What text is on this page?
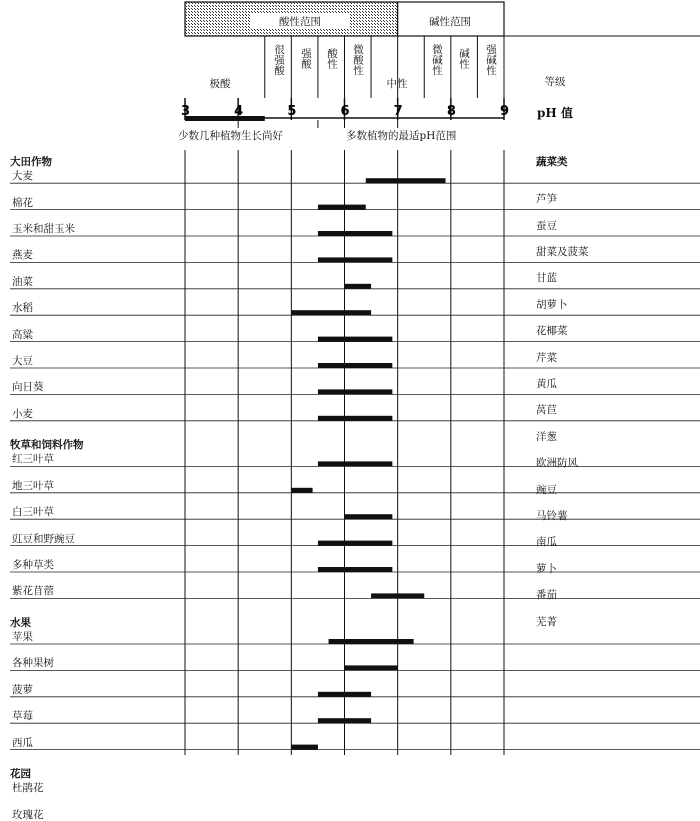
3	4	5	6	7	8	9
酸性范围	碱性范围
极酸
很强酸 强酸 酸性 微酸性
中性
微碱性 碱性 强碱性
等级
pH 值
少数几种植物生长尚好	多数植物的最适pH范围
大田作物
大麦
棉花
玉米和甜玉米
燕麦
油菜
水稻
高粱
大豆
向日葵
小麦
牧草和饲料作物
红三叶草
地三叶草
白三叶草
豇豆和野豌豆
多种草类
紫花苜蓿
水果
苹果
各种果树
菠萝
草莓
西瓜
花园
杜鹃花
玫瑰花
蔬菜类
芦笋
蚕豆
甜菜及菠菜
甘蓝
胡萝卜
花椰菜
芹菜
黄瓜
莴苣
洋葱
欧洲防风
豌豆
马铃薯
南瓜
萝卜
番茄
芜菁
